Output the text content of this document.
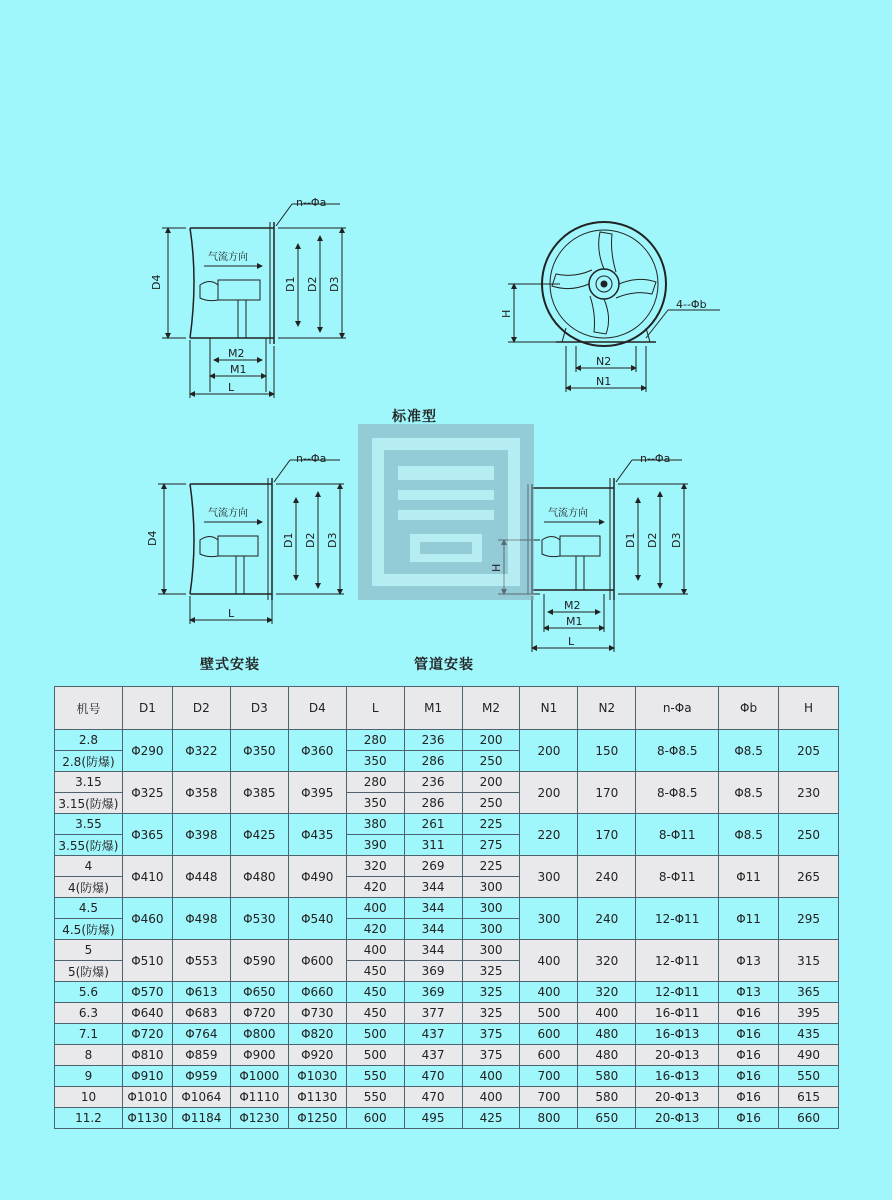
气流方向
气流方向	气流方向
n--Φa
n--Φa	n--Φa
4--Φb
D4	D1 D2 D3
D4	D1 D2 D3	D1 D2 D3
H
H
M2
M1
L
L
M2
M1
L
N2
N1
标准型
壁式安装	管道安装
机号	D1	D2	D3	D4	L	M1	M2	N1	N2	n-Φa	Φb	H
2.8	Φ290	Φ322	Φ350	Φ360	280	236	200	200	150	8-Φ8.5	Φ8.5	205
2.8(防爆)					350	286	250					
3.15	Φ325	Φ358	Φ385	Φ395	280	236	200	200	170	8-Φ8.5	Φ8.5	230
3.15(防爆)					350	286	250					
3.55	Φ365	Φ398	Φ425	Φ435	380	261	225	220	170	8-Φ11	Φ8.5	250
3.55(防爆)					390	311	275					
4	Φ410	Φ448	Φ480	Φ490	320	269	225	300	240	8-Φ11	Φ11	265
4(防爆)					420	344	300					
4.5	Φ460	Φ498	Φ530	Φ540	400	344	300	300	240	12-Φ11	Φ11	295
4.5(防爆)					420	344	300					
5	Φ510	Φ553	Φ590	Φ600	400	344	300	400	320	12-Φ11	Φ13	315
5(防爆)					450	369	325					
5.6	Φ570	Φ613	Φ650	Φ660	450	369	325	400	320	12-Φ11	Φ13	365
6.3	Φ640	Φ683	Φ720	Φ730	450	377	325	500	400	16-Φ11	Φ16	395
7.1	Φ720	Φ764	Φ800	Φ820	500	437	375	600	480	16-Φ13	Φ16	435
8	Φ810	Φ859	Φ900	Φ920	500	437	375	600	480	20-Φ13	Φ16	490
9	Φ910	Φ959	Φ1000	Φ1030	550	470	400	700	580	16-Φ13	Φ16	550
10	Φ1010	Φ1064	Φ1110	Φ1130	550	470	400	700	580	20-Φ13	Φ16	615
11.2	Φ1130	Φ1184	Φ1230	Φ1250	600	495	425	800	650	20-Φ13	Φ16	660
